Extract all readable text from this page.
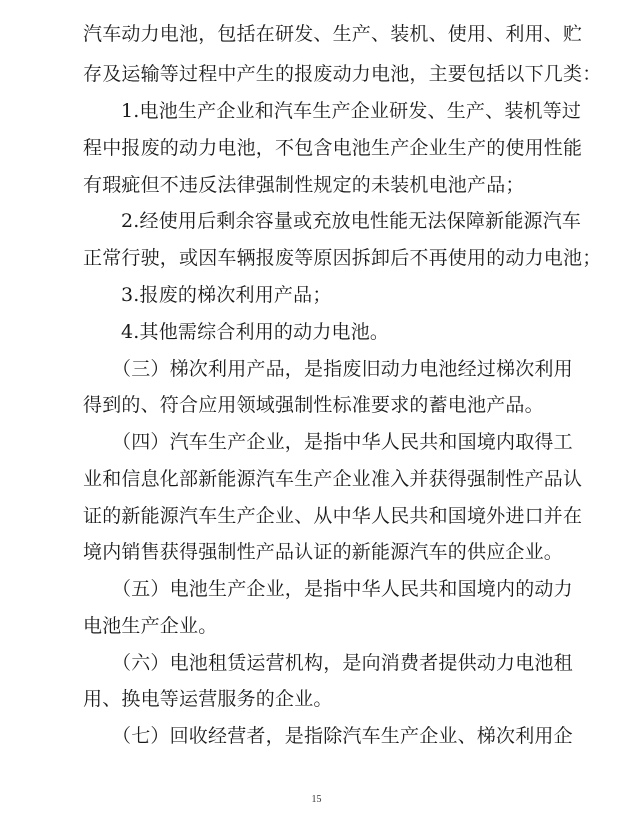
汽车动力电池，包括在研发、生产、装机、使用、利用、贮
存及运输等过程中产生的报废动力电池，主要包括以下几类：
1.电池生产企业和汽车生产企业研发、生产、装机等过
程中报废的动力电池，不包含电池生产企业生产的使用性能
有瑕疵但不违反法律强制性规定的未装机电池产品；
2.经使用后剩余容量或充放电性能无法保障新能源汽车
正常行驶，或因车辆报废等原因拆卸后不再使用的动力电池；
3.报废的梯次利用产品；
4.其他需综合利用的动力电池。
（三）梯次利用产品，是指废旧动力电池经过梯次利用
得到的、符合应用领域强制性标准要求的蓄电池产品。
（四）汽车生产企业，是指中华人民共和国境内取得工
业和信息化部新能源汽车生产企业准入并获得强制性产品认
证的新能源汽车生产企业、从中华人民共和国境外进口并在
境内销售获得强制性产品认证的新能源汽车的供应企业。
（五）电池生产企业，是指中华人民共和国境内的动力
电池生产企业。
（六）电池租赁运营机构，是向消费者提供动力电池租
用、换电等运营服务的企业。
（七）回收经营者，是指除汽车生产企业、梯次利用企
15
